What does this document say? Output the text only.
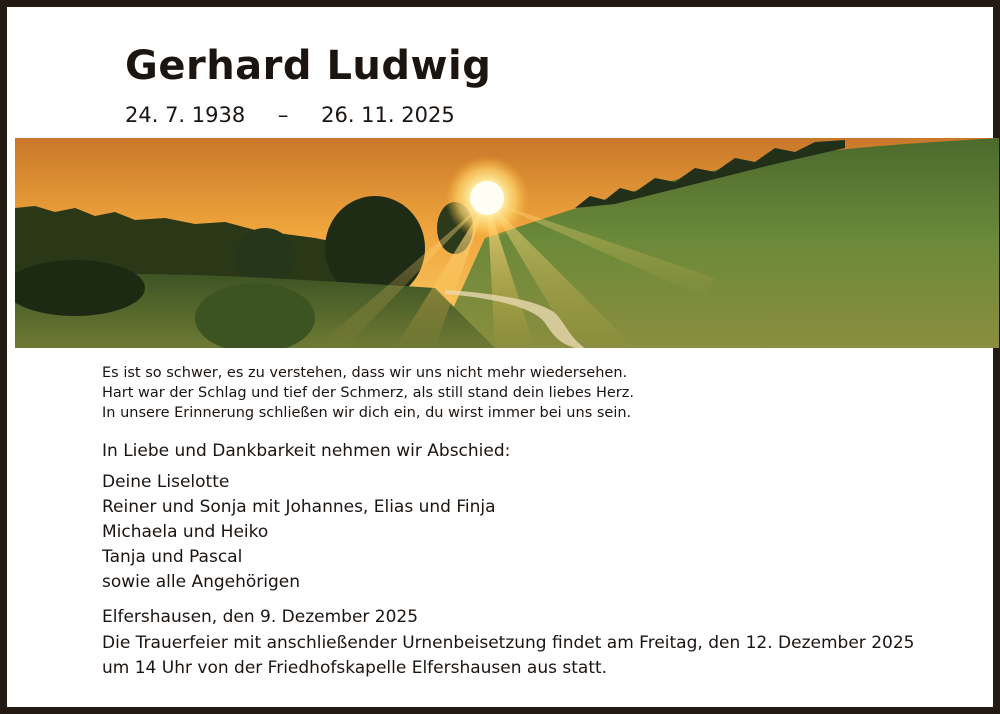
Gerhard Ludwig
24. 7. 1938 – 26. 11. 2025
Es ist so schwer, es zu verstehen, dass wir uns nicht mehr wiedersehen.
Hart war der Schlag und tief der Schmerz, als still stand dein liebes Herz.
In unsere Erinnerung schließen wir dich ein, du wirst immer bei uns sein.
In Liebe und Dankbarkeit nehmen wir Abschied:
Deine Liselotte
Reiner und Sonja mit Johannes, Elias und Finja
Michaela und Heiko
Tanja und Pascal
sowie alle Angehörigen
Elfershausen, den 9. Dezember 2025
Die Trauerfeier mit anschließender Urnenbeisetzung findet am Freitag, den 12. Dezember 2025
um 14 Uhr von der Friedhofskapelle Elfershausen aus statt.
